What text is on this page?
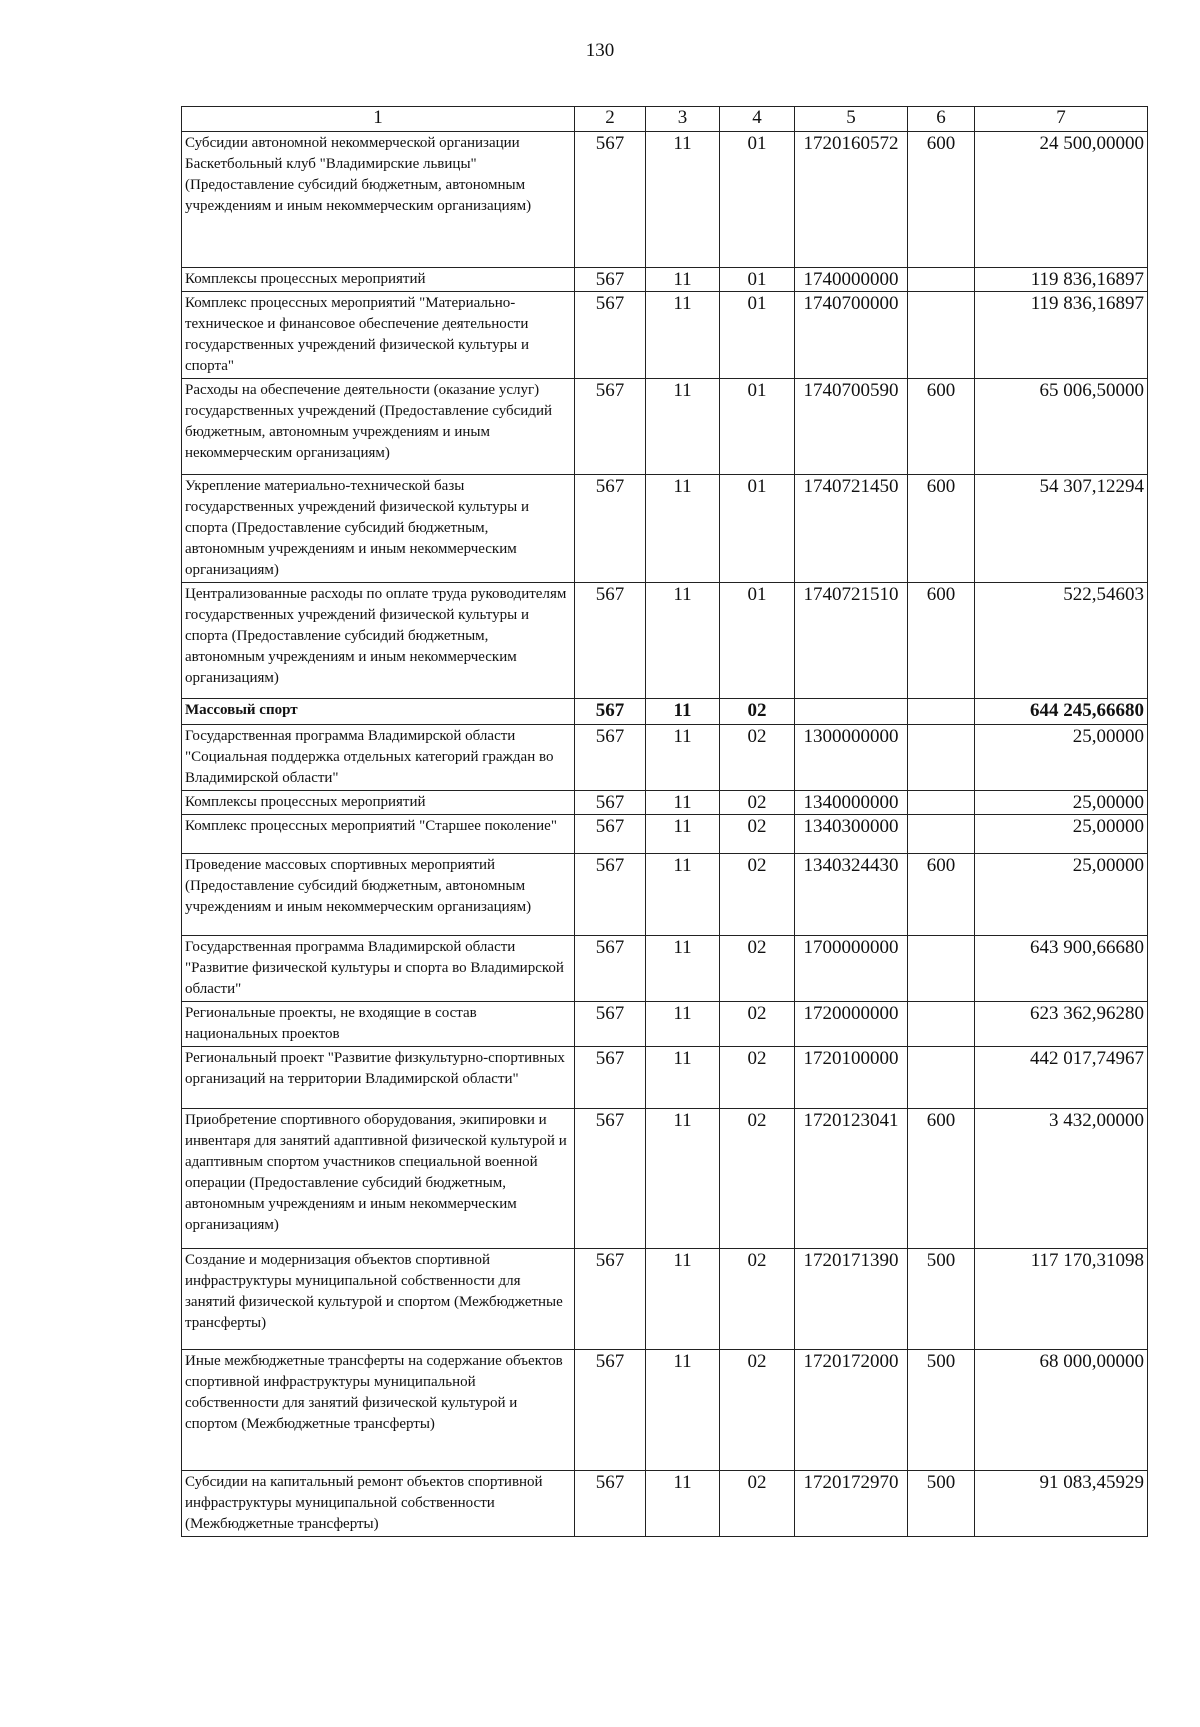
130
1	2	3	4	5	6	7
Субсидии автономной некоммерческой организации Баскетбольный клуб "Владимирские львицы" (Предоставление субсидий бюджетным, автономным учреждениям и иным некоммерческим организациям)	567	11	01	1720160572	600	24 500,00000
Комплексы процессных мероприятий	567	11	01	1740000000		119 836,16897
Комплекс процессных мероприятий "Материально-техническое и финансовое обеспечение деятельности государственных учреждений физической культуры и спорта"	567	11	01	1740700000		119 836,16897
Расходы на обеспечение деятельности (оказание услуг) государственных учреждений (Предоставление субсидий бюджетным, автономным учреждениям и иным некоммерческим организациям)	567	11	01	1740700590	600	65 006,50000
Укрепление материально-технической базы государственных учреждений физической культуры и спорта (Предоставление субсидий бюджетным, автономным учреждениям и иным некоммерческим организациям)	567	11	01	1740721450	600	54 307,12294
Централизованные расходы по оплате труда руководителям государственных учреждений физической культуры и спорта (Предоставление субсидий бюджетным, автономным учреждениям и иным некоммерческим организациям)	567	11	01	1740721510	600	522,54603
Массовый спорт	567	11	02			644 245,66680
Государственная программа Владимирской области "Социальная поддержка отдельных категорий граждан во Владимирской области"	567	11	02	1300000000		25,00000
Комплексы процессных мероприятий	567	11	02	1340000000		25,00000
Комплекс процессных мероприятий "Старшее поколение"	567	11	02	1340300000		25,00000
Проведение массовых спортивных мероприятий (Предоставление субсидий бюджетным, автономным учреждениям и иным некоммерческим организациям)	567	11	02	1340324430	600	25,00000
Государственная программа Владимирской области "Развитие физической культуры и спорта во Владимирской области"	567	11	02	1700000000		643 900,66680
Региональные проекты, не входящие в состав национальных проектов	567	11	02	1720000000		623 362,96280
Региональный проект "Развитие физкультурно-спортивных организаций на территории Владимирской области"	567	11	02	1720100000		442 017,74967
Приобретение спортивного оборудования, экипировки и инвентаря для занятий адаптивной физической культурой и адаптивным спортом участников специальной военной операции (Предоставление субсидий бюджетным, автономным учреждениям и иным некоммерческим организациям)	567	11	02	1720123041	600	3 432,00000
Создание и модернизация объектов спортивной инфраструктуры муниципальной собственности для занятий физической культурой и спортом (Межбюджетные трансферты)	567	11	02	1720171390	500	117 170,31098
Иные межбюджетные трансферты на содержание объектов спортивной инфраструктуры муниципальной собственности для занятий физической культурой и спортом (Межбюджетные трансферты)	567	11	02	1720172000	500	68 000,00000
Субсидии на капитальный ремонт объектов спортивной инфраструктуры муниципальной собственности (Межбюджетные трансферты)	567	11	02	1720172970	500	91 083,45929
